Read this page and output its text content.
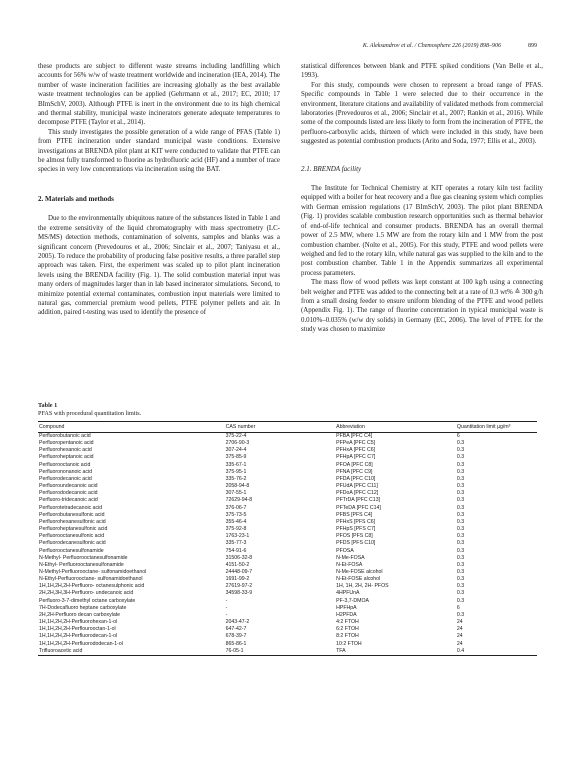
K. Aleksandrov et al. / Chemosphere 226 (2019) 898–906	899

these products are subject to different waste streams including landfilling which accounts for 56% w/w of waste treatment worldwide and incineration (IEA, 2014). The number of waste incineration facilities are increasing globally as the best available waste treatment technologies can be applied (Gehrmann et al., 2017; EC, 2010; 17 BImSchV, 2003). Although PTFE is inert in the environment due to its high chemical and thermal stability, municipal waste incinerators generate adequate temperatures to decompose PTFE (Taylor et al., 2014).

This study investigates the possible generation of a wide range of PFAS (Table 1) from PTFE incineration under standard municipal waste conditions. Extensive investigations at BRENDA pilot plant at KIT were conducted to validate that PTFE can be almost fully transformed to fluorine as hydrofluoric acid (HF) and a number of trace species in very low concentrations via incineration using the BAT.

2. Materials and methods

Due to the environmentally ubiquitous nature of the substances listed in Table 1 and the extreme sensitivity of the liquid chromatography with mass spectrometry (LC-MS/MS) detection methods, contamination of solvents, samples and blanks was a significant concern (Prevedouros et al., 2006; Sinclair et al., 2007; Taniyasu et al., 2005). To reduce the probability of producing false positive results, a three parallel step approach was taken. First, the experiment was scaled up to pilot plant incineration levels using the BRENDA facility (Fig. 1). The solid combustion material input was many orders of magnitudes larger than in lab based incinerator simulations. Second, to minimize potential external contaminates, combustion input materials were limited to natural gas, commercial premium wood pellets, PTFE polymer pellets and air. In addition, paired t-testing was used to identify the presence of

statistical differences between blank and PTFE spiked conditions (Van Belle et al., 1993).

For this study, compounds were chosen to represent a broad range of PFAS. Specific compounds in Table 1 were selected due to their occurrence in the environment, literature citations and availability of validated methods from commercial laboratories (Prevedouros et al., 2006; Sinclair et al., 2007; Rankin et al., 2016). While some of the compounds listed are less likely to form from the incineration of PTFE, the perfluoro-carboxylic acids, thirteen of which were included in this study, have been suggested as potential combustion products (Arito and Soda, 1977; Ellis et al., 2003).

2.1. BRENDA facility

The Institute for Technical Chemistry at KIT operates a rotary kiln test facility equipped with a boiler for heat recovery and a flue gas cleaning system which complies with German emission regulations (17 BImSchV, 2003). The pilot plant BRENDA (Fig. 1) provides scalable combustion research opportunities such as thermal behavior of end-of-life technical and consumer products. BRENDA has an overall thermal power of 2.5 MW, where 1.5 MW are from the rotary kiln and 1 MW from the post combustion chamber. (Nolte et al., 2005). For this study, PTFE and wood pellets were weighed and fed to the rotary kiln, while natural gas was supplied to the kiln and to the post combustion chamber. Table 1 in the Appendix summarizes all experimental process parameters.

The mass flow of wood pellets was kept constant at 100 kg/h using a connecting belt weigher and PTFE was added to the connecting belt at a rate of 0.3 wt% ≙ 300 g/h from a small dosing feeder to ensure uniform blending of the PTFE and wood pellets (Appendix Fig. 1). The range of fluorine concentration in typical municipal waste is 0.010%–0.035% (w/w dry solids) in Germany (EC, 2006). The level of PTFE for the study was chosen to maximize

Table 1
PFAS with procedural quantitation limits.
Compound	CAS number	Abbreviation	Quantitation limit µg/m³
Perfluorobutanoic acid	375-22-4	PFBA [PFC C4]	6
Perfluoropentanoic acid	2706-90-3	PFPeA [PFC C5]	0.3
Perfluorohexanoic acid	307-24-4	PFHxA [PFC C6]	0.3
Perfluoroheptanoic acid	375-85-9	PFHpA [PFC C7]	0.3
Perfluorooctanoic acid	335-67-1	PFOA [PFC C8]	0.3
Perfluorononanoic acid	375-95-1	PFNA [PFC C9]	0.3
Perfluorodecanoic acid	335-76-2	PFDA [PFC C10]	0.3
Perfluoroundecanoic acid	2058-94-8	PFUdA [PFC C11]	0.3
Perfluorododecanoic acid	307-55-1	PFDoA [PFC C12]	0.3
Perfluoro-tridecanoic acid	72629-94-8	PFTrDA [PFC C13]	0.3
Perfluorotetradecanoic acid	376-06-7	PFTeDA [PFC C14]	0.3
Perfluorobutanesulfonic acid	375-73-5	PFBS [PFS C4]	0.3
Perfluorohexanesulfonic acid	355-46-4	PFHxS [PFS C6]	0.3
Perfluoroheptanesulfonic acid	375-92-8	PFHpS [PFS C7]	0.3
Perfluorooctanesulfonic acid	1763-23-1	PFOS [PFS C8]	0.3
Perfluorodecanesulfonic acid	335-77-3	PFDS [PFS C10]	0.3
Perfluorooctanesulfonamide	754-91-6	PFOSA	0.3
N-Methyl- Perfluorooctanesulfonamide	31506-32-8	N-Me-FOSA	0.3
N-Ethyl- Perfluorooctanesulfonamide	4151-50-2	N-Et-FOSA	0.3
N-Methyl-Perfluorooctane- sulfonamidoethanol	24448-09-7	N-Me-FOSE alcohol	0.3
N-Ethyl-Perfluorooctane- sulfonamidoethanol	1691-99-2	N-Et-FOSE alcohol	0.3
1H,1H,2H,2H-Perfluoro- octanesulphonic acid	27619-97-2	1H, 1H, 2H, 2H- PFOS	0.3
2H,2H,3H,3H-Perfluoro- undecanoic acid	34598-33-9	4HPFUnA	0.3
Perfluoro-3-7-dimethyl octane carboxylate	-	PF-3,7-DMOA	0.3
7H-Dodecafluoro heptane carboxylate	-	HPFHpA	6
2H,2H-Perfluoro decan carboxylate	-	H2PFDA	0.3
1H,1H,2H,2H-Perfluorohexan-1-ol	2043-47-2	4:2 FTOH	24
1H,1H,2H,2H-Perflourooctan-1-ol	647-42-7	6:2 FTOH	24
1H,1H,2H,2H-Perfluorodecan-1-ol	678-39-7	8:2 FTOH	24
1H,1H,2H,2H-Perfluorododecan-1-ol	865-86-1	10:2 FTOH	24
Trifluoroacetic acid	76-05-1	TFA	0.4
